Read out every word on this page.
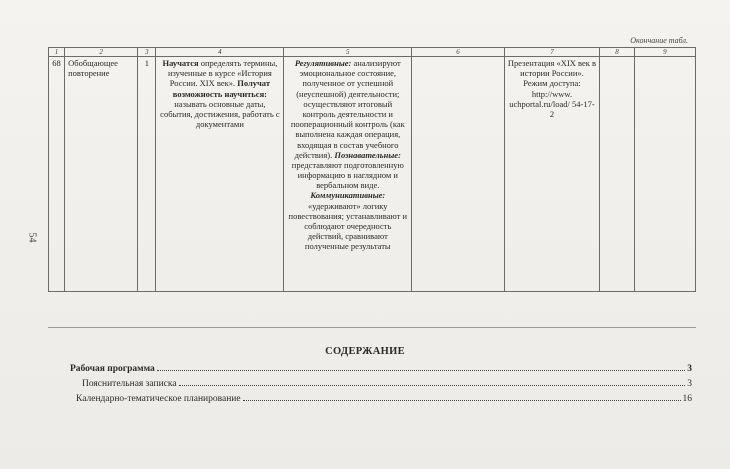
Окончание табл.
54
1	2	3	4	5	6	7	8	9
68	Обобщающее повторение	1	Научатся определять термины, изученные в курсе «История России. XIX век». Получат возможность научиться: называть основные даты, события, достижения, работать с документами	Регулятивные: анализируют эмоциональное состояние, полученное от успешной (неуспешной) деятельности; осуществляют итоговый контроль деятельности и пооперационный контроль (как выполнена каждая операция, входящая в состав учебного действия). Познавательные: представляют подготовленную информацию в наглядном и вербальном виде. Коммуникативные: «удерживают» логику повествования; устанавливают и соблюдают очередность действий, сравнивают полученные результаты		Презентация «XIX век в истории России». Режим доступа: http://www. uchportal.ru/load/ 54-17-2		
СОДЕРЖАНИЕ
Рабочая программа	3
Пояснительная записка	3
Календарно-тематическое планирование	16
